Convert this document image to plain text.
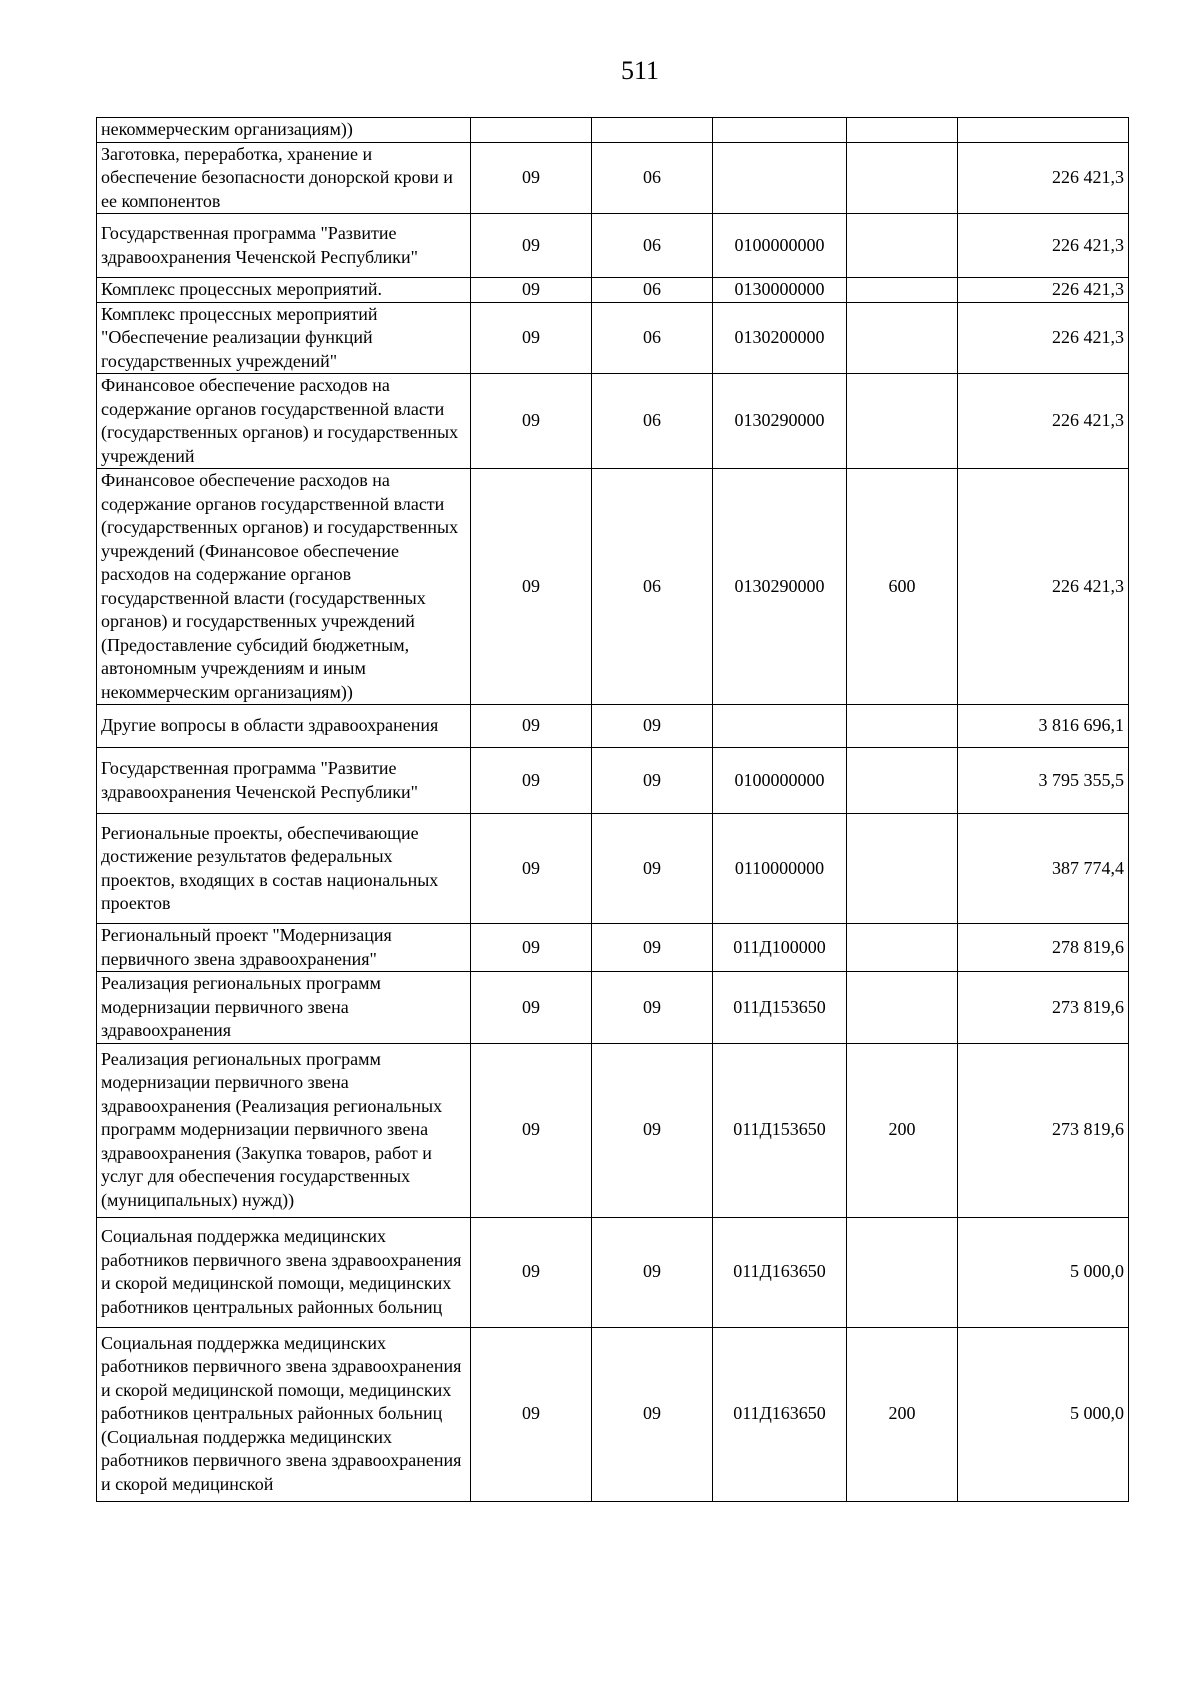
511
некоммерческим организациям))					
Заготовка, переработка, хранение и обеспечение безопасности донорской крови и ее компонентов	09	06			226 421,3
Государственная программа "Развитие здравоохранения Чеченской Республики"	09	06	0100000000		226 421,3
Комплекс процессных мероприятий.	09	06	0130000000		226 421,3
Комплекс процессных мероприятий "Обеспечение реализации функций государственных учреждений"	09	06	0130200000		226 421,3
Финансовое обеспечение расходов на содержание органов государственной власти (государственных органов) и государственных учреждений	09	06	0130290000		226 421,3
Финансовое обеспечение расходов на содержание органов государственной власти (государственных органов) и государственных учреждений (Финансовое обеспечение расходов на содержание органов государственной власти (государственных органов) и государственных учреждений (Предоставление субсидий бюджетным, автономным учреждениям и иным некоммерческим организациям))	09	06	0130290000	600	226 421,3
Другие вопросы в области здравоохранения	09	09			3 816 696,1
Государственная программа "Развитие здравоохранения Чеченской Республики"	09	09	0100000000		3 795 355,5
Региональные проекты, обеспечивающие достижение результатов федеральных проектов, входящих в состав национальных проектов	09	09	0110000000		387 774,4
Региональный проект "Модернизация первичного звена здравоохранения"	09	09	011Д100000		278 819,6
Реализация региональных программ модернизации первичного звена здравоохранения	09	09	011Д153650		273 819,6
Реализация региональных программ модернизации первичного звена здравоохранения (Реализация региональных программ модернизации первичного звена здравоохранения (Закупка товаров, работ и услуг для обеспечения государственных (муниципальных) нужд))	09	09	011Д153650	200	273 819,6
Социальная поддержка медицинских работников первичного звена здравоохранения и скорой медицинской помощи, медицинских работников центральных районных больниц	09	09	011Д163650		5 000,0
Социальная поддержка медицинских работников первичного звена здравоохранения и скорой медицинской помощи, медицинских работников центральных районных больниц (Социальная поддержка медицинских работников первичного звена здравоохранения и скорой медицинской	09	09	011Д163650	200	5 000,0
